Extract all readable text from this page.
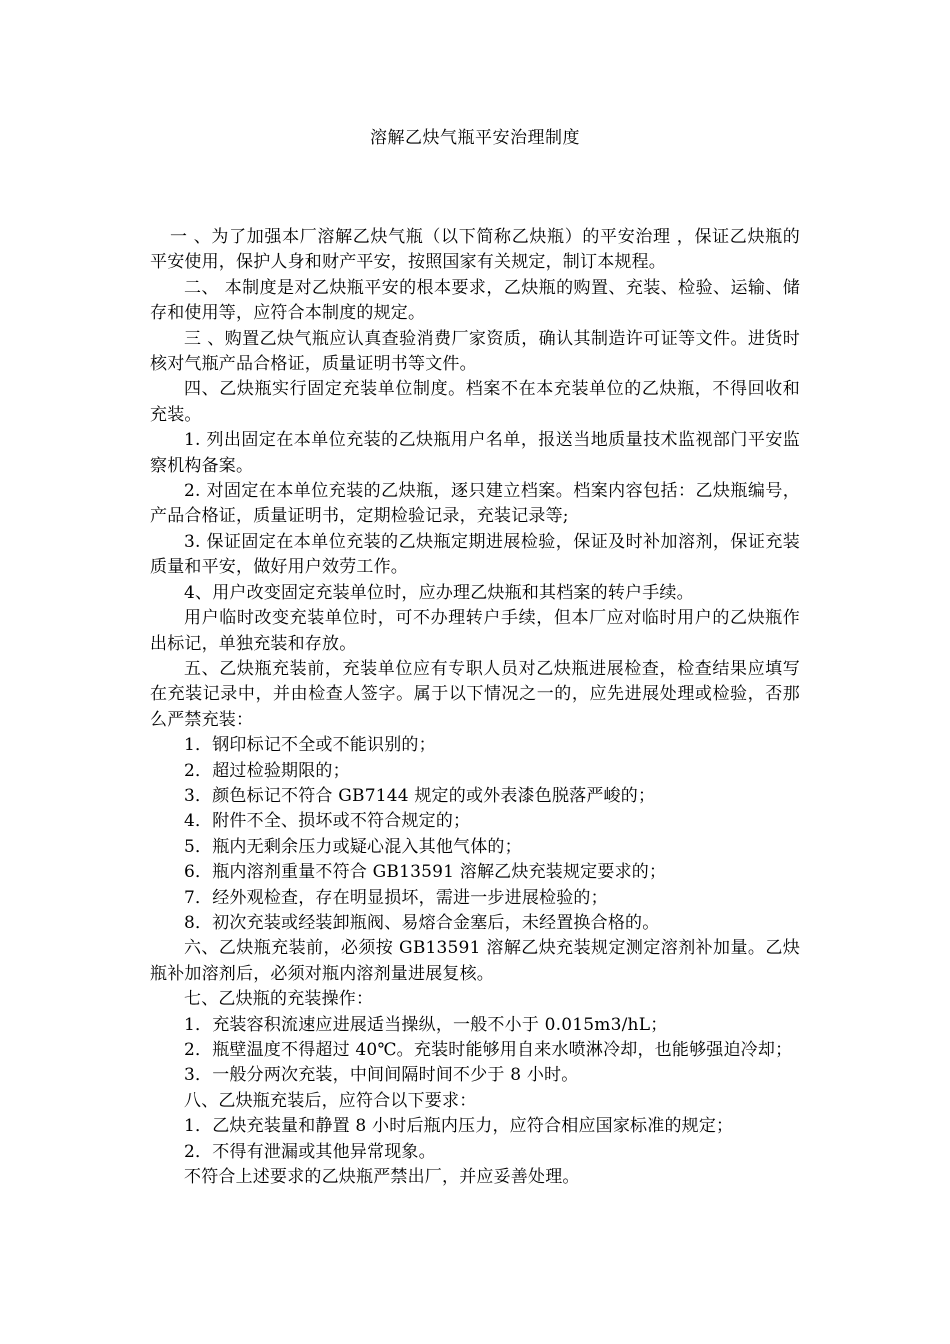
溶解乙炔气瓶平安治理制度

一 、为了加强本厂溶解乙炔气瓶（以下简称乙炔瓶）的平安治理 ，保证乙炔瓶的平安使用，保护人身和财产平安，按照国家有关规定，制订本规程。

二、 本制度是对乙炔瓶平安的根本要求，乙炔瓶的购置、充装、检验、运输、储存和使用等，应符合本制度的规定。

三 、购置乙炔气瓶应认真查验消费厂家资质，确认其制造许可证等文件。进货时核对气瓶产品合格证，质量证明书等文件。

四、乙炔瓶实行固定充装单位制度。档案不在本充装单位的乙炔瓶，不得回收和充装。

1. 列出固定在本单位充装的乙炔瓶用户名单，报送当地质量技术监视部门平安监察机构备案。

2. 对固定在本单位充装的乙炔瓶，逐只建立档案。档案内容包括：乙炔瓶编号，产品合格证，质量证明书，定期检验记录，充装记录等;

3. 保证固定在本单位充装的乙炔瓶定期进展检验，保证及时补加溶剂，保证充装质量和平安，做好用户效劳工作。

4、用户改变固定充装单位时，应办理乙炔瓶和其档案的转户手续。

用户临时改变充装单位时，可不办理转户手续，但本厂应对临时用户的乙炔瓶作出标记，单独充装和存放。

五、乙炔瓶充装前，充装单位应有专职人员对乙炔瓶进展检查，检查结果应填写在充装记录中，并由检查人签字。属于以下情况之一的，应先进展处理或检验，否那么严禁充装：

1．钢印标记不全或不能识别的；

2．超过检验期限的；

3．颜色标记不符合 GB7144 规定的或外表漆色脱落严峻的；

4．附件不全、损坏或不符合规定的；

5．瓶内无剩余压力或疑心混入其他气体的；

6．瓶内溶剂重量不符合 GB13591 溶解乙炔充装规定要求的；

7．经外观检查，存在明显损坏，需进一步进展检验的；

8．初次充装或经装卸瓶阀、易熔合金塞后，未经置换合格的。

六、乙炔瓶充装前，必须按 GB13591 溶解乙炔充装规定测定溶剂补加量。乙炔瓶补加溶剂后，必须对瓶内溶剂量进展复核。

七、乙炔瓶的充装操作：

1．充装容积流速应进展适当操纵，一般不小于 0.015m3/hL；

2．瓶壁温度不得超过 40℃。充装时能够用自来水喷淋冷却，也能够强迫冷却；

3．一般分两次充装，中间间隔时间不少于 8 小时。

八、乙炔瓶充装后，应符合以下要求：

1．乙炔充装量和静置 8 小时后瓶内压力，应符合相应国家标准的规定；

2．不得有泄漏或其他异常现象。

不符合上述要求的乙炔瓶严禁出厂，并应妥善处理。
